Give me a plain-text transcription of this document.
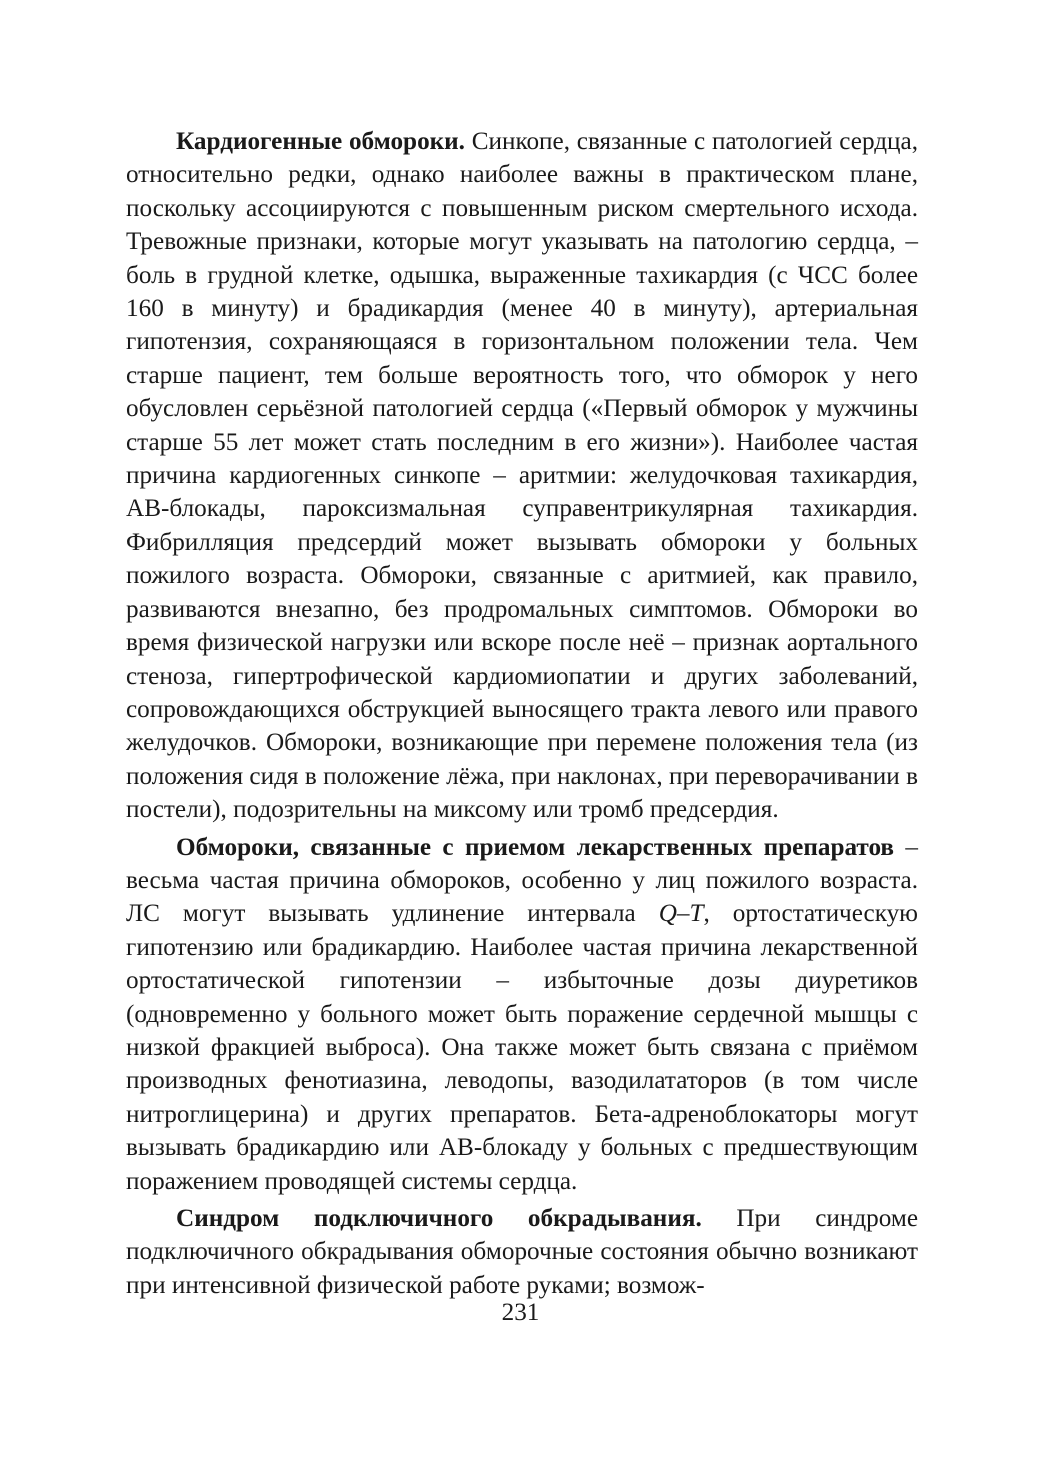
Кардиогенные обмороки. Синкопе, связанные с патологией сердца, относительно редки, однако наиболее важны в практическом плане, поскольку ассоциируются с повышенным риском смертельного исхода. Тревожные признаки, которые могут указывать на патологию сердца, – боль в грудной клетке, одышка, выраженные тахикардия (с ЧСС более 160 в минуту) и брадикардия (менее 40 в минуту), артериальная гипотензия, сохраняющаяся в горизонтальном положении тела. Чем старше пациент, тем больше вероятность того, что обморок у него обусловлен серьёзной патологией сердца («Первый обморок у мужчины старше 55 лет может стать последним в его жизни»). Наиболее частая причина кардиогенных синкопе – аритмии: желудочковая тахикардия, АВ-блокады, пароксизмальная суправентрикулярная тахикардия. Фибрилляция предсердий может вызывать обмороки у больных пожилого возраста. Обмороки, связанные с аритмией, как правило, развиваются внезапно, без продромальных симптомов. Обмороки во время физической нагрузки или вскоре после неё – признак аортального стеноза, гипертрофической кардиомиопатии и других заболеваний, сопровождающихся обструкцией выносящего тракта левого или правого желудочков. Обмороки, возникающие при перемене положения тела (из положения сидя в положение лёжа, при наклонах, при переворачивании в постели), подозрительны на миксому или тромб предсердия.

Обмороки, связанные с приемом лекарственных препаратов – весьма частая причина обмороков, особенно у лиц пожилого возраста. ЛС могут вызывать удлинение интервала Q–T, ортостатическую гипотензию или брадикардию. Наиболее частая причина лекарственной ортостатической гипотензии – избыточные дозы диуретиков (одновременно у больного может быть поражение сердечной мышцы с низкой фракцией выброса). Она также может быть связана с приёмом производных фенотиазина, леводопы, вазодилататоров (в том числе нитроглицерина) и других препаратов. Бета-адреноблокаторы могут вызывать брадикардию или АВ-блокаду у больных с предшествующим поражением проводящей системы сердца.

Синдром подключичного обкрадывания. При синдроме подключичного обкрадывания обморочные состояния обычно возникают при интенсивной физической работе руками; возмож-

231
